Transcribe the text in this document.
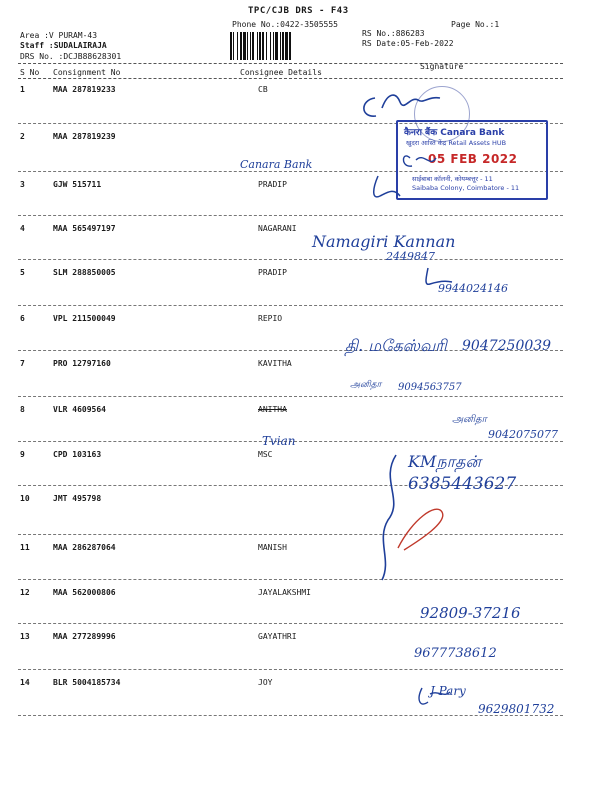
TPC/CJB DRS - F43
Phone No.:0422-3505555	Page No.:1
Area :V PURAM-43
Staff :SUDALAIRAJA
DRS No. :DCJB88628301
RS No.:886283
RS Date:05-Feb-2022
S No Consignment No	Consignee Details
Signature
1	MAA 287819233	CB
2	MAA 287819239
3	GJW 515711	PRADIP
4	MAA 565497197	NAGARANI
5	SLM 288850005	PRADIP
6	VPL 211500049	REPIO
7	PRO 12797160	KAVITHA
8	VLR 4609564	ANITHA
9	CPD 103163	MSC
10	JMT 495798
11	MAA 286287064	MANISH
12	MAA 562000806	JAYALAKSHMI
13	MAA 277289996	GAYATHRI
14	BLR 5004185734	JOY
कैनरा बैंक Canara Bank
खुदरा आस्ति केंद्र Retail Assets HUB
05 FEB 2022
साईबाबा कॉलनी, कोयम्बत्तूर - 11
Saibaba Colony, Coimbatore - 11
Canara Bank
Namagiri Kannan
2449847
9944024146
தி. மகேஸ்வரி 9047250039
அனிதா 9094563757
அனிதா
9042075077
Tvian
KMநாதன்
6385443627
92809-37216
9677738612
J Pary
9629801732
